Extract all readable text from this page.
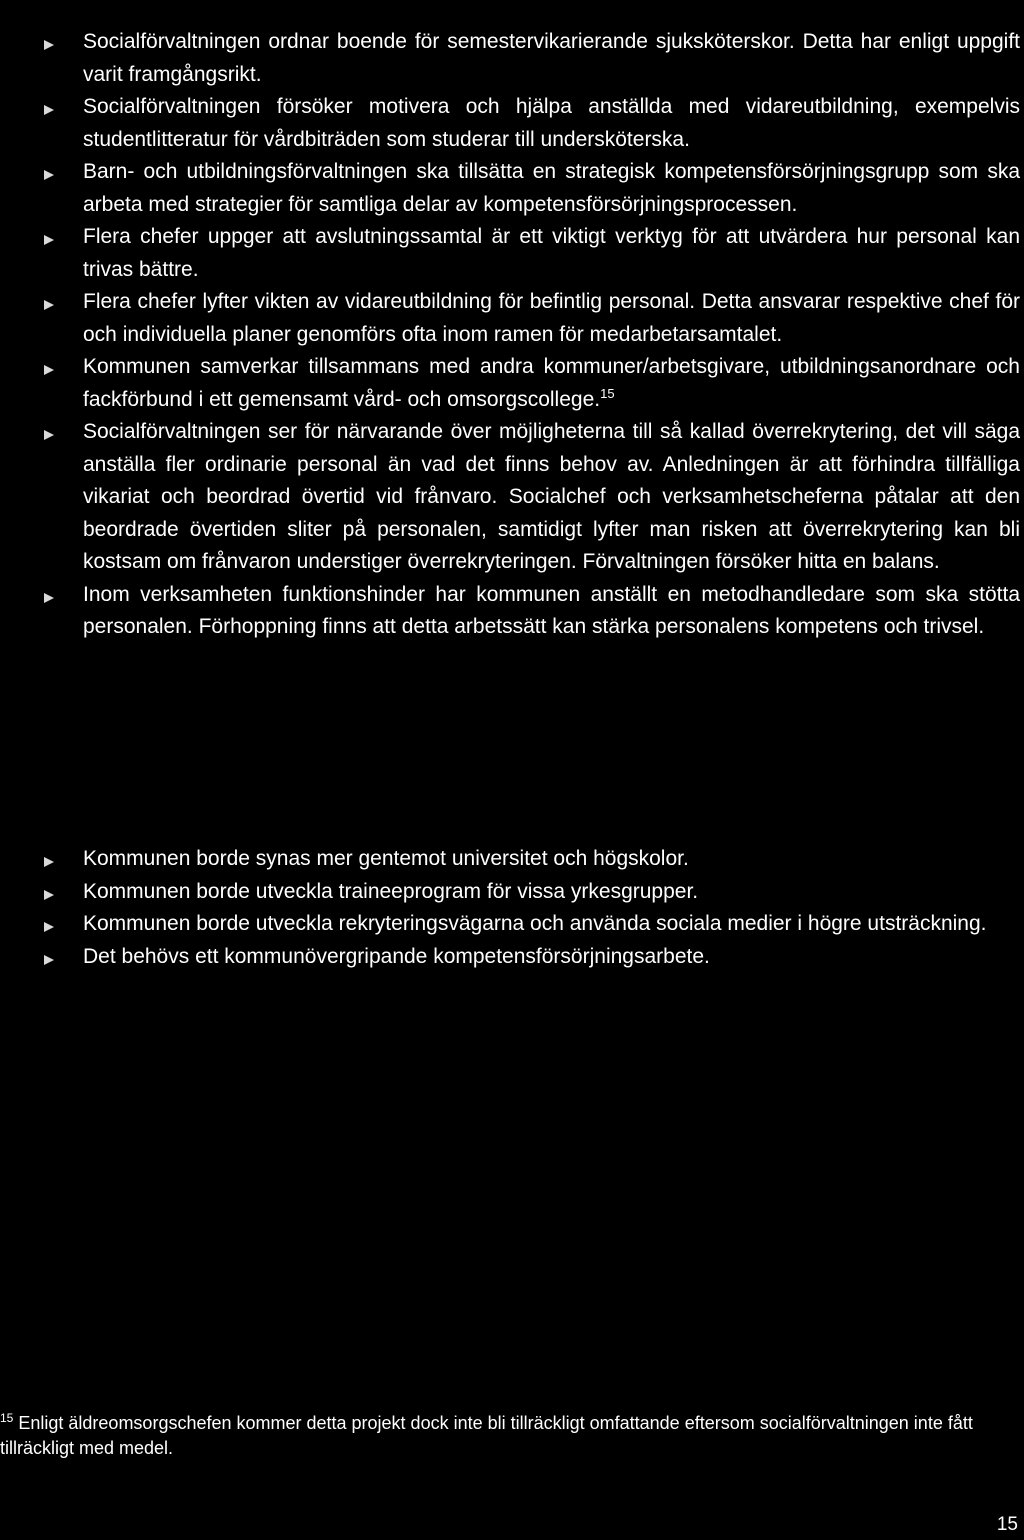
Socialförvaltningen ordnar boende för semestervikarierande sjuksköterskor. Detta har enligt uppgift varit framgångsrikt.
Socialförvaltningen försöker motivera och hjälpa anställda med vidareutbildning, exempelvis studentlitteratur för vårdbiträden som studerar till undersköterska.
Barn- och utbildningsförvaltningen ska tillsätta en strategisk kompetensförsörjningsgrupp som ska arbeta med strategier för samtliga delar av kompetensförsörjningsprocessen.
Flera chefer uppger att avslutningssamtal är ett viktigt verktyg för att utvärdera hur personal kan trivas bättre.
Flera chefer lyfter vikten av vidareutbildning för befintlig personal. Detta ansvarar respektive chef för och individuella planer genomförs ofta inom ramen för medarbetarsamtalet.
Kommunen samverkar tillsammans med andra kommuner/arbetsgivare, utbildningsanordnare och fackförbund i ett gemensamt vård- och omsorgscollege.$^{15}$
Socialförvaltningen ser för närvarande över möjligheterna till så kallad överrekrytering, det vill säga anställa fler ordinarie personal än vad det finns behov av. Anledningen är att förhindra tillfälliga vikariat och beordrad övertid vid frånvaro. Socialchef och verksamhetscheferna påtalar att den beordrade övertiden sliter på personalen, samtidigt lyfter man risken att överrekrytering kan bli kostsam om frånvaron understiger överrekryteringen. Förvaltningen försöker hitta en balans.
Inom verksamheten funktionshinder har kommunen anställt en metodhandledare som ska stötta personalen. Förhoppning finns att detta arbetssätt kan stärka personalens kompetens och trivsel.
Kommunen borde synas mer gentemot universitet och högskolor.
Kommunen borde utveckla traineeprogram för vissa yrkesgrupper.
Kommunen borde utveckla rekryteringsvägarna och använda sociala medier i högre utsträckning.
Det behövs ett kommunövergripande kompetensförsörjningsarbete.
$^{15}$ Enligt äldreomsorgschefen kommer detta projekt dock inte bli tillräckligt omfattande eftersom socialförvaltningen inte fått tillräckligt med medel.
15
